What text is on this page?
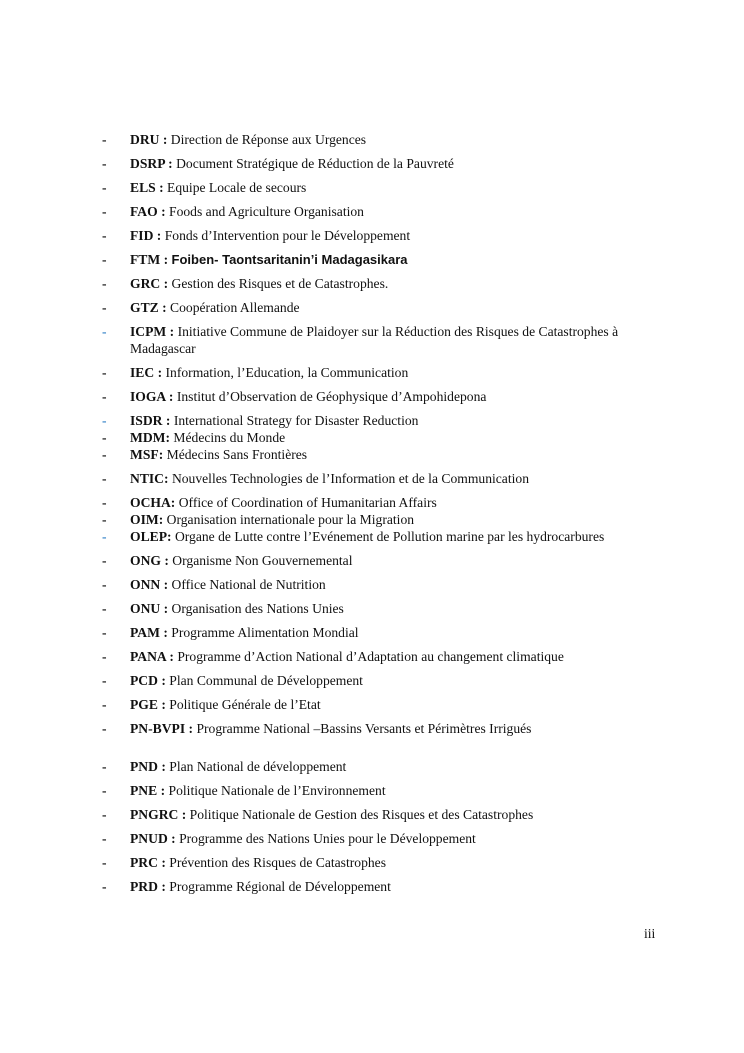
- DRU : Direction de Réponse aux Urgences
- DSRP : Document Stratégique de Réduction de la Pauvreté
- ELS : Equipe Locale de secours
- FAO : Foods and Agriculture Organisation
- FID : Fonds d’Intervention pour le Développement
- FTM : Foiben- Taontsaritanin’i Madagasikara
- GRC : Gestion des Risques et de Catastrophes.
- GTZ : Coopération Allemande
- ICPM : Initiative Commune de Plaidoyer sur la Réduction des Risques de Catastrophes à Madagascar
- IEC : Information, l’Education, la Communication
- IOGA : Institut d’Observation de Géophysique d’Ampohidepona
- ISDR : International Strategy for Disaster Reduction
- MDM: Médecins du Monde
- MSF: Médecins Sans Frontières
- NTIC: Nouvelles Technologies de l’Information et de la Communication
- OCHA: Office of Coordination of Humanitarian Affairs
- OIM: Organisation internationale pour la Migration
- OLEP: Organe de Lutte contre l’Evénement de Pollution marine par les hydrocarbures
- ONG : Organisme Non Gouvernemental
- ONN : Office National de Nutrition
- ONU : Organisation des Nations Unies
- PAM : Programme Alimentation Mondial
- PANA : Programme d’Action National d’Adaptation au changement climatique
- PCD : Plan Communal de Développement
- PGE : Politique Générale de l’Etat
- PN-BVPI : Programme National –Bassins Versants et Périmètres Irrigués
- PND : Plan National de développement
- PNE : Politique Nationale de l’Environnement
- PNGRC : Politique Nationale de Gestion des Risques et des Catastrophes
- PNUD : Programme des Nations Unies pour le Développement
- PRC : Prévention des Risques de Catastrophes
- PRD : Programme Régional de Développement
iii
